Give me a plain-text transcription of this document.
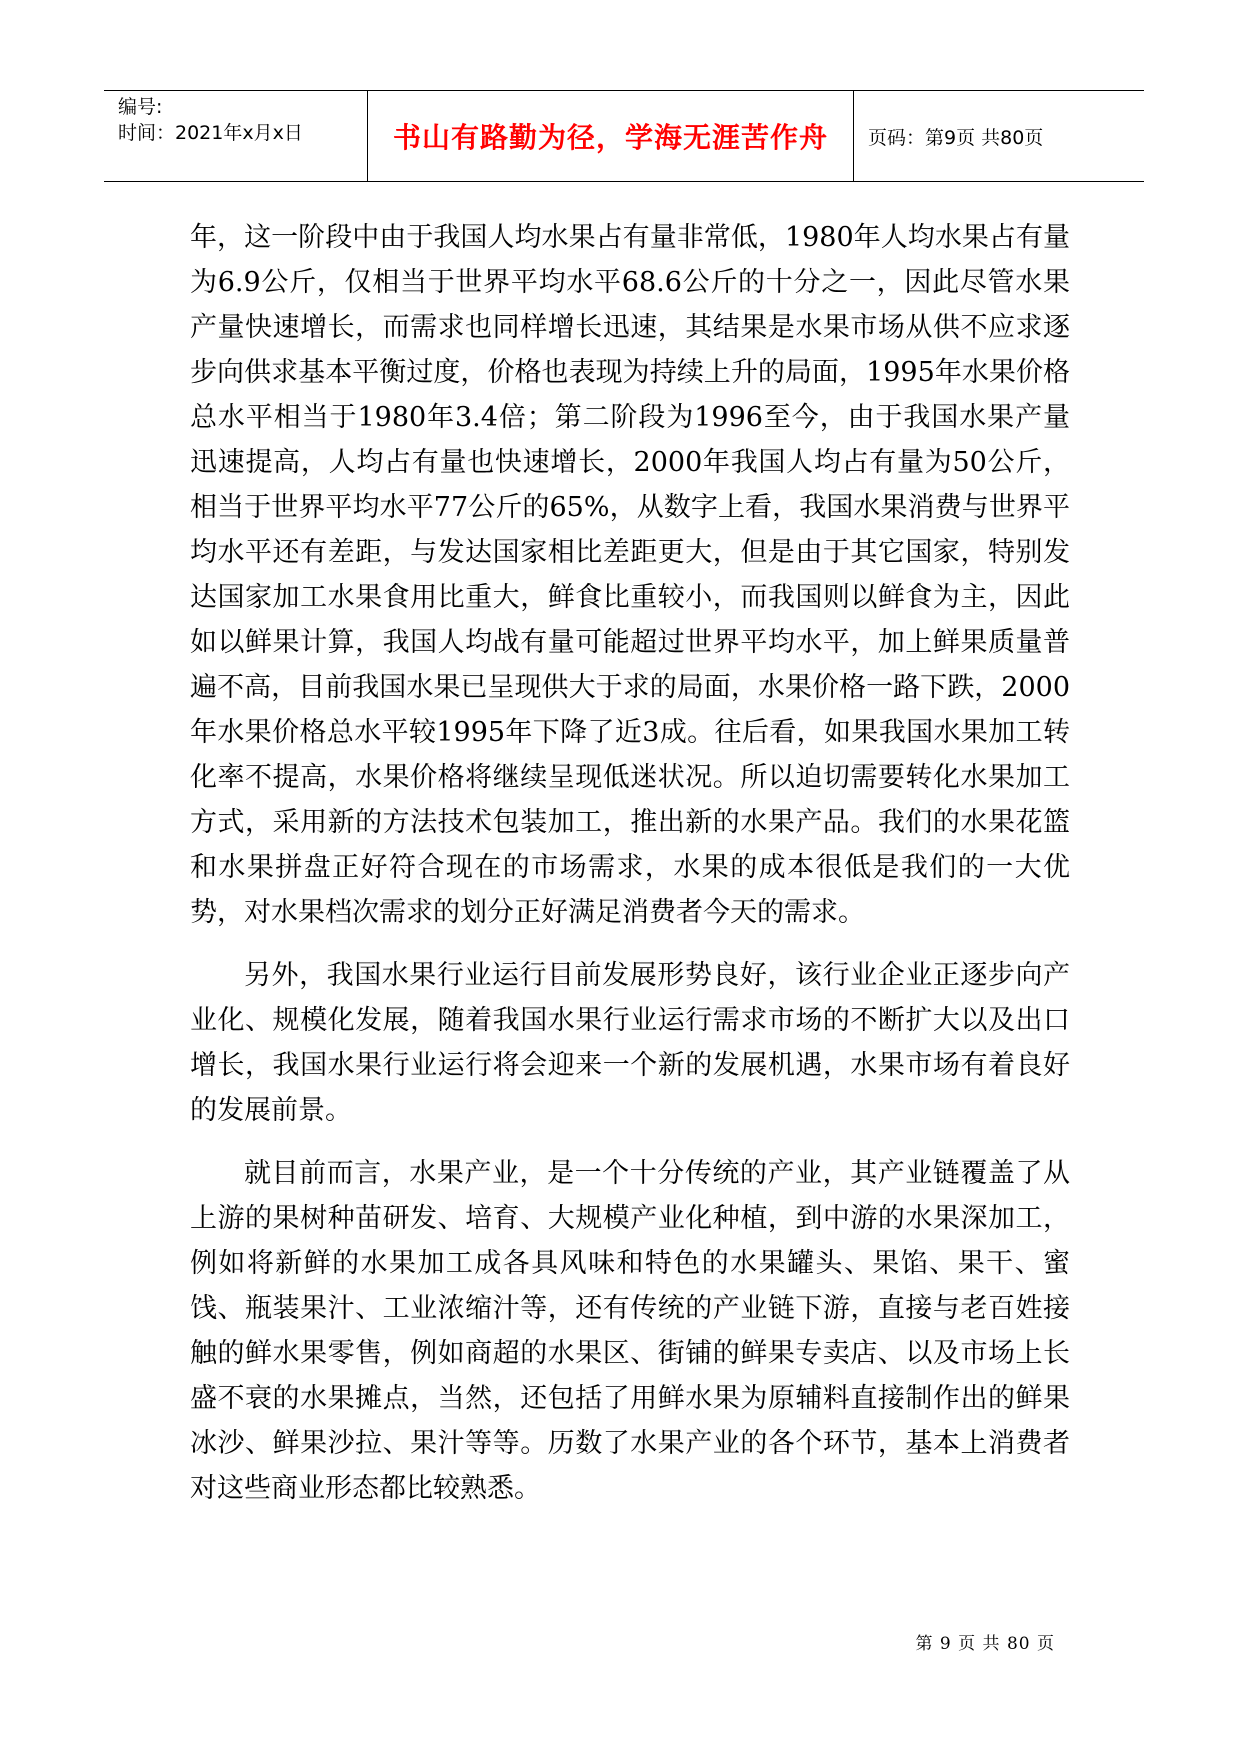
编号:
时间：2021年x月x日	书山有路勤为径，学海无涯苦作舟 页码：第9页 共80页

年，这一阶段中由于我国人均水果占有量非常低，1980年人均水果占有量为6.9公斤，仅相当于世界平均水平68.6公斤的十分之一，因此尽管水果产量快速增长，而需求也同样增长迅速，其结果是水果市场从供不应求逐步向供求基本平衡过度，价格也表现为持续上升的局面，1995年水果价格总水平相当于1980年3.4倍；第二阶段为1996至今，由于我国水果产量迅速提高，人均占有量也快速增长，2000年我国人均占有量为50公斤，相当于世界平均水平77公斤的65%，从数字上看，我国水果消费与世界平均水平还有差距，与发达国家相比差距更大，但是由于其它国家，特别发达国家加工水果食用比重大，鲜食比重较小，而我国则以鲜食为主，因此如以鲜果计算，我国人均战有量可能超过世界平均水平，加上鲜果质量普遍不高，目前我国水果已呈现供大于求的局面，水果价格一路下跌，2000年水果价格总水平较1995年下降了近3成。往后看，如果我国水果加工转化率不提高，水果价格将继续呈现低迷状况。所以迫切需要转化水果加工方式，采用新的方法技术包装加工，推出新的水果产品。我们的水果花篮和水果拼盘正好符合现在的市场需求，水果的成本很低是我们的一大优势，对水果档次需求的划分正好满足消费者今天的需求。

另外，我国水果行业运行目前发展形势良好，该行业企业正逐步向产业化、规模化发展，随着我国水果行业运行需求市场的不断扩大以及出口增长，我国水果行业运行将会迎来一个新的发展机遇，水果市场有着良好的发展前景。

就目前而言，水果产业，是一个十分传统的产业，其产业链覆盖了从上游的果树种苗研发、培育、大规模产业化种植，到中游的水果深加工，例如将新鲜的水果加工成各具风味和特色的水果罐头、果馅、果干、蜜饯、瓶装果汁、工业浓缩汁等，还有传统的产业链下游，直接与老百姓接触的鲜水果零售，例如商超的水果区、街铺的鲜果专卖店、以及市场上长盛不衰的水果摊点，当然，还包括了用鲜水果为原辅料直接制作出的鲜果冰沙、鲜果沙拉、果汁等等。历数了水果产业的各个环节，基本上消费者对这些商业形态都比较熟悉。

第 9 页 共 80 页
